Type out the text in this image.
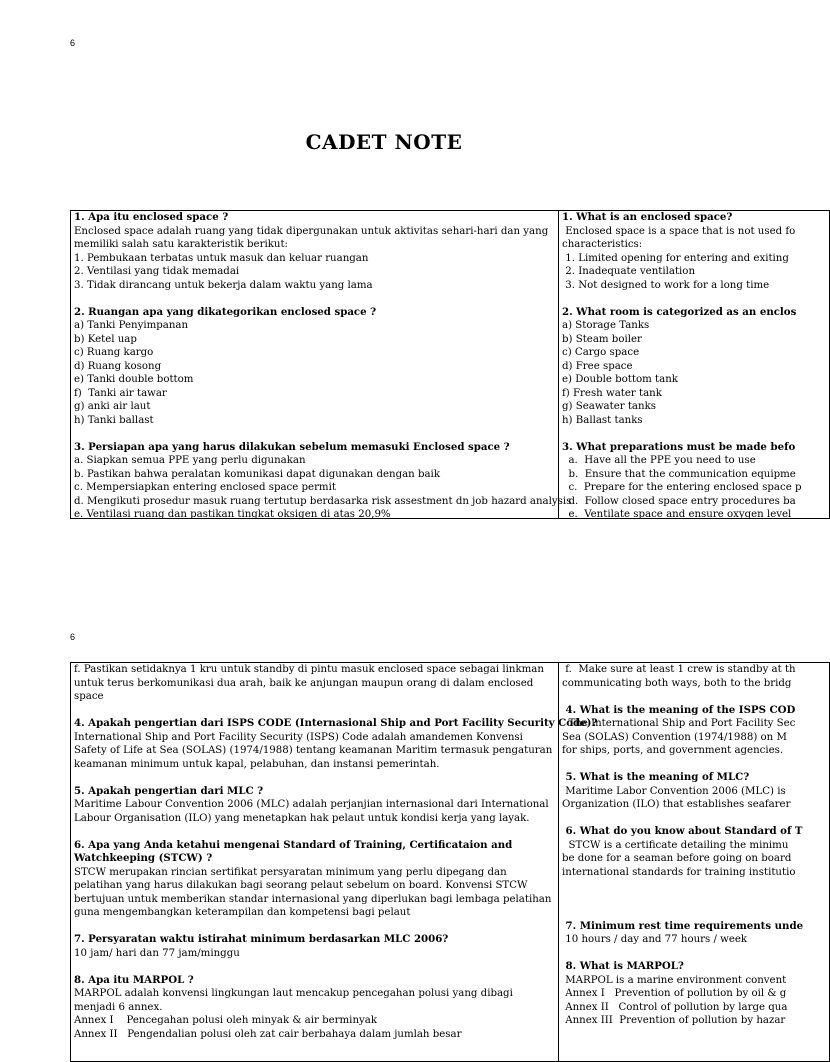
6
CADET NOTE
1. Apa itu enclosed space ?
Enclosed space adalah ruang yang tidak dipergunakan untuk aktivitas sehari-hari dan yang memiliki salah satu karakteristik berikut:
1. Pembukaan terbatas untuk masuk dan keluar ruangan
2. Ventilasi yang tidak memadai
3. Tidak dirancang untuk bekerja dalam waktu yang lama
2. Ruangan apa yang dikategorikan enclosed space ?
a) Tanki Penyimpanan
b) Ketel uap
c) Ruang kargo
d) Ruang kosong
e) Tanki double bottom
f)  Tanki air tawar
g) anki air laut
h) Tanki ballast
3. Persiapan apa yang harus dilakukan sebelum memasuki Enclosed space ?
a. Siapkan semua PPE yang perlu digunakan
b. Pastikan bahwa peralatan komunikasi dapat digunakan dengan baik
c. Mempersiapkan entering enclosed space permit
d. Mengikuti prosedur masuk ruang tertutup berdasarka risk assestment dn job hazard analysis
e. Ventilasi ruang dan pastikan tingkat oksigen di atas 20,9%
1. What is an enclosed space?
Enclosed space is a space that is not used fo
characteristics:
1. Limited opening for entering and exiting
2. Inadequate ventilation
3. Not designed to work for a long time
2. What room is categorized as an enclos
a) Storage Tanks
b) Steam boiler
c) Cargo space
d) Free space
e) Double bottom tank
f) Fresh water tank
g) Seawater tanks
h) Ballast tanks
3. What preparations must be made befo
a.  Have all the PPE you need to use
b.  Ensure that the communication equipme
c.  Prepare for the entering enclosed space p
d.  Follow closed space entry procedures ba
e.  Ventilate space and ensure oxygen level
6
f. Pastikan setidaknya 1 kru untuk standby di pintu masuk enclosed space sebagai linkman untuk terus berkomunikasi dua arah, baik ke anjungan maupun orang di dalam enclosed space
4. Apakah pengertian dari ISPS CODE (Internasional Ship and Port Facility Security Code)?
International Ship and Port Facility Security (ISPS) Code adalah amandemen Konvensi Safety of Life at Sea (SOLAS) (1974/1988) tentang keamanan Maritim termasuk pengaturan keamanan minimum untuk kapal, pelabuhan, dan instansi pemerintah.
5. Apakah pengertian dari MLC ?
Maritime Labour Convention 2006 (MLC) adalah perjanjian internasional dari International Labour Organisation (ILO) yang menetapkan hak pelaut untuk kondisi kerja yang layak.
6. Apa yang Anda ketahui mengenai Standard of Training, Certificataion and Watchkeeping (STCW) ?
STCW merupakan rincian sertifikat persyaratan minimum yang perlu dipegang dan pelatihan yang harus dilakukan bagi seorang pelaut sebelum on board. Konvensi STCW bertujuan untuk memberikan standar internasional yang diperlukan bagi lembaga pelatihan guna mengembangkan keterampilan dan kompetensi bagi pelaut
7. Persyaratan waktu istirahat minimum berdasarkan MLC 2006?
10 jam/ hari dan 77 jam/minggu
8. Apa itu MARPOL ?
MARPOL adalah konvensi lingkungan laut mencakup pencegahan polusi yang dibagi menjadi 6 annex.
Annex I    Pencegahan polusi oleh minyak & air berminyak
Annex II   Pengendalian polusi oleh zat cair berbahaya dalam jumlah besar
f.  Make sure at least 1 crew is standby at th
communicating both ways, both to the bridg
4. What is the meaning of the ISPS COD
The International Ship and Port Facility Sec
Sea (SOLAS) Convention (1974/1988) on M
for ships, ports, and government agencies.
5. What is the meaning of MLC?
Maritime Labor Convention 2006 (MLC) is
Organization (ILO) that establishes seafarer
6. What do you know about Standard of T
STCW is a certificate detailing the minimu
be done for a seaman before going on board
international standards for training institutio
7. Minimum rest time requirements unde
10 hours / day and 77 hours / week
8. What is MARPOL?
MARPOL is a marine environment convent
Annex I   Prevention of pollution by oil & g
Annex II   Control of pollution by large qua
Annex III  Prevention of pollution by hazar
